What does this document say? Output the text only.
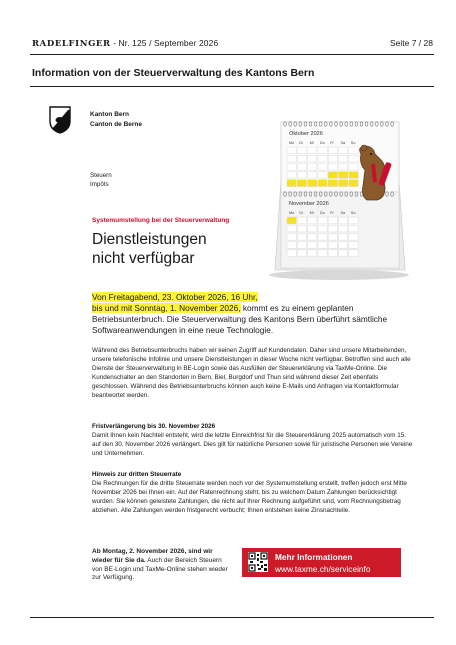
RADELFINGER - Nr. 125 / September 2026	Seite 7 / 28
Information von der Steuerverwaltung des Kantons Bern
Kanton Bern
Canton de Berne
Steuern
Impôts
Oktober 2026
Mo Di Mi Do Fr Sa So
November 2026
Mo Di Mi Do Fr Sa So
!
Systemumstellung bei der Steuerverwaltung
Dienstleistungen
nicht verfügbar
Von Freitagabend, 23. Oktober 2026, 16 Uhr,
bis und mit Sonntag, 1. November 2026, kommt es zu einem geplanten Betriebsunterbruch. Die Steuerverwaltung des Kantons Bern überführt sämtliche Softwareanwendungen in eine neue Technologie.
Während des Betriebsunterbruchs haben wir keinen Zugriff auf Kundendaten. Daher sind unsere Mitarbeitenden, unsere telefonische Infolinie und unsere Dienstleistungen in dieser Woche nicht verfügbar. Betroffen sind auch alle Dienste der Steuerverwaltung in BE-Login sowie das Ausfüllen der Steuererklärung via TaxMe-Online. Die Kundenschalter an den Standorten in Bern, Biel, Burgdorf und Thun sind während dieser Zeit ebenfalls geschlossen. Während des Betriebsunterbruchs können auch keine E-Mails und Anfragen via Kontaktformular beantwortet werden.
Fristverlängerung bis 30. November 2026
Damit Ihnen kein Nachteil entsteht, wird die letzte Einreichfrist für die Steuererklärung 2025 automatisch vom 15. auf den 30. November 2026 verlängert. Dies gilt für natürliche Personen sowie für juristische Personen wie Vereine und Unternehmen.
Hinweis zur dritten Steuerrate
Die Rechnungen für die dritte Steuerrate werden noch vor der Systemumstellung erstellt, treffen jedoch erst Mitte November 2026 bei Ihnen ein. Auf der Ratenrechnung steht, bis zu welchem Datum Zahlungen berücksichtigt wurden. Sie können geleistete Zahlungen, die nicht auf Ihrer Rechnung aufgeführt sind, vom Rechnungsbetrag abziehen. Alle Zahlungen werden fristgerecht verbucht; Ihnen entstehen keine Zinsnachteile.
Ab Montag, 2. November 2026, sind wir wieder für Sie da. Auch der Bereich Steuern von BE-Login und TaxMe-Online stehen wieder zur Verfügung.
Mehr Informationen
www.taxme.ch/serviceinfo
